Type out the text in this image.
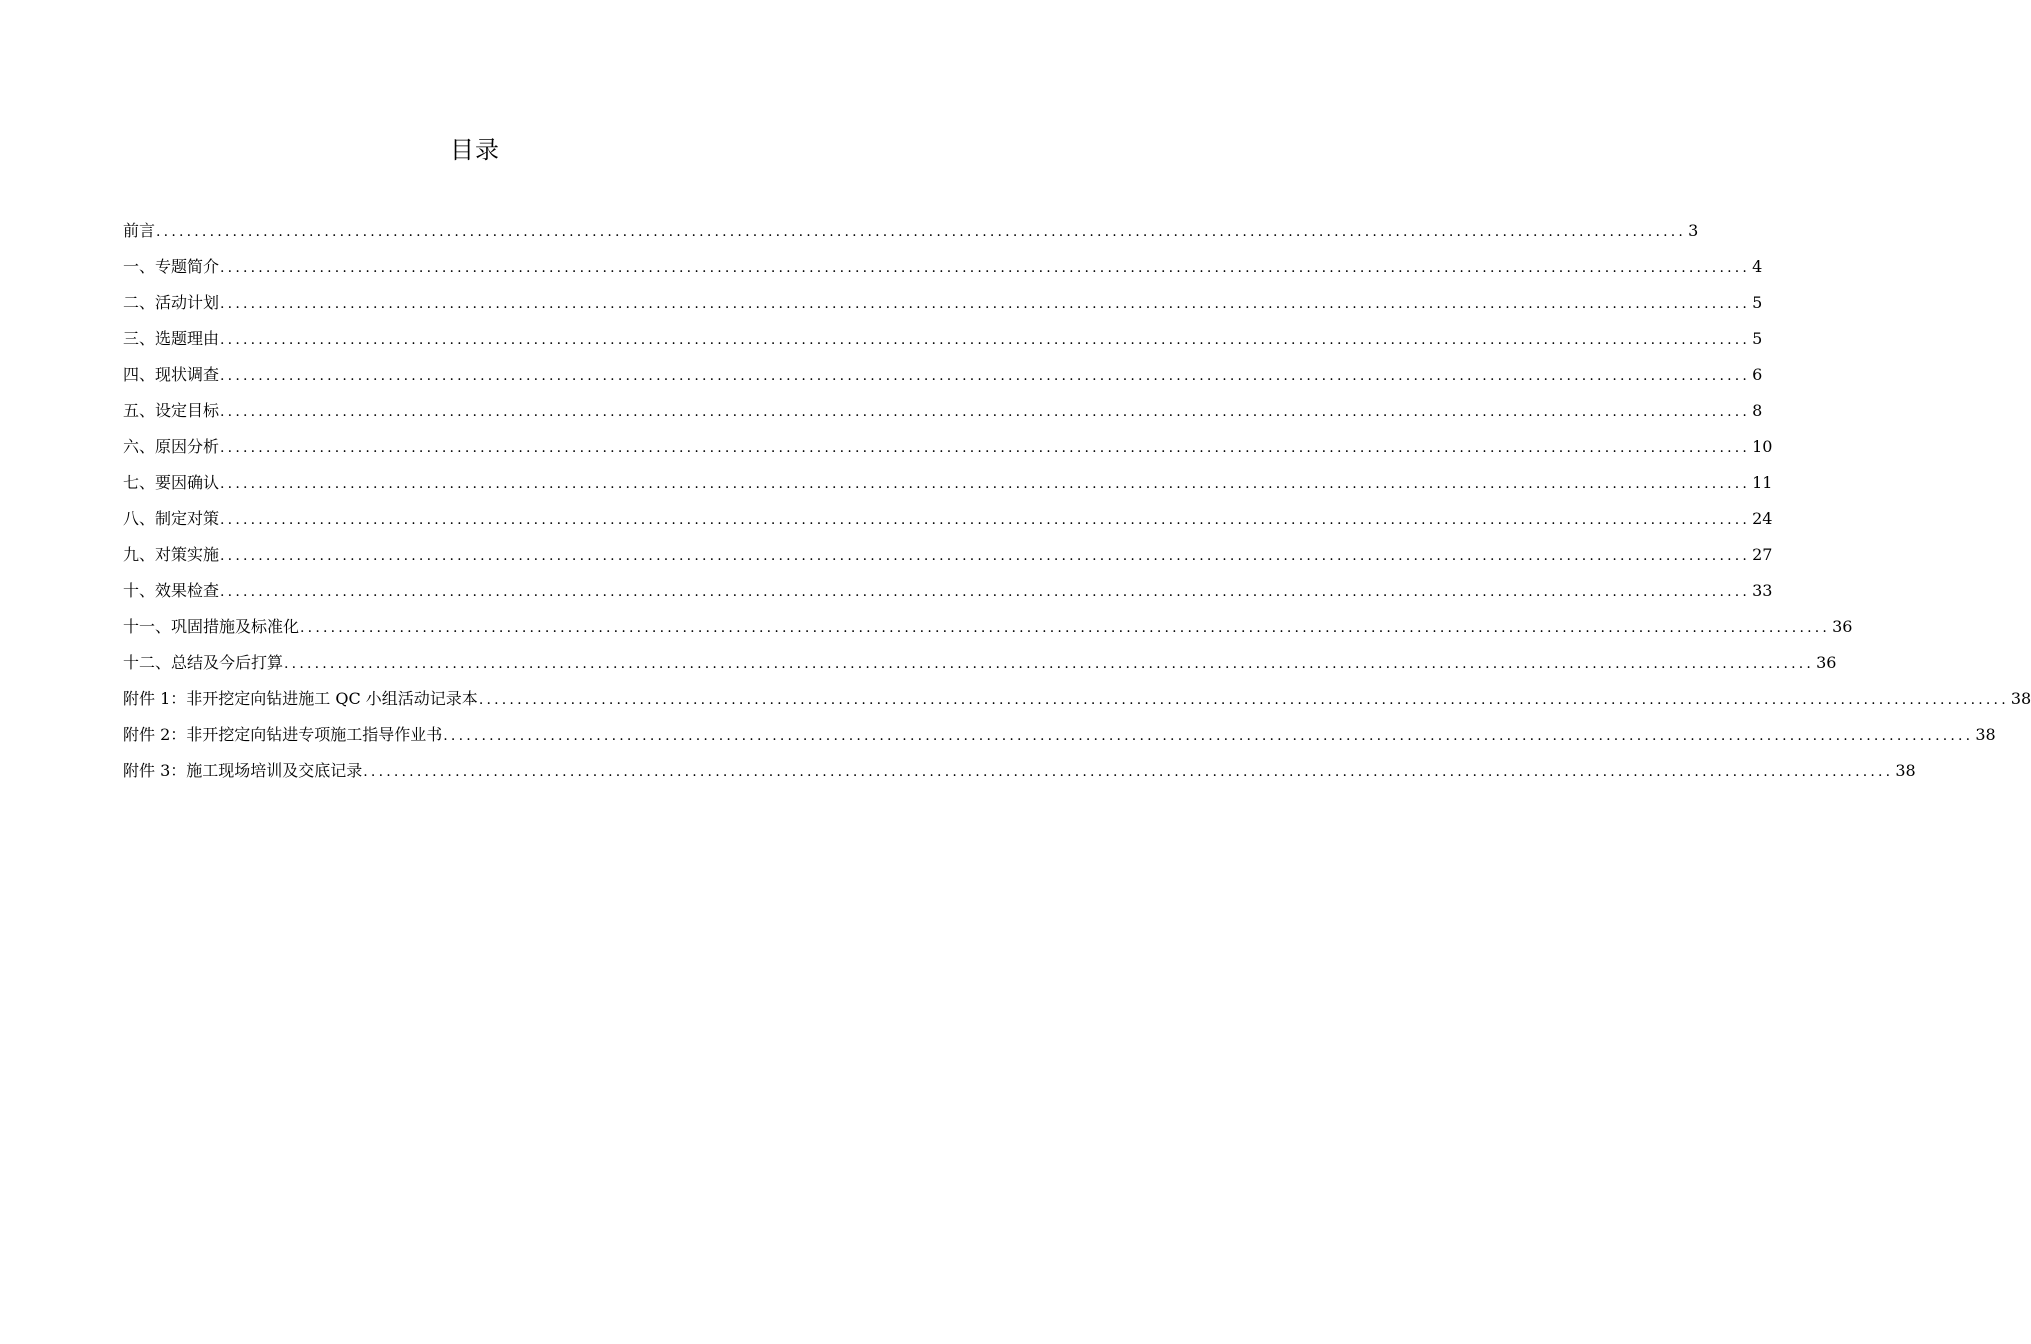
目录
前言 ........................................................................................................................................................................................................ 3
一、专题简介 ........................................................................................................................................................................................................ 4
二、活动计划 ........................................................................................................................................................................................................ 5
三、选题理由 ........................................................................................................................................................................................................ 5
四、现状调查 ........................................................................................................................................................................................................ 6
五、设定目标 ........................................................................................................................................................................................................ 8
六、原因分析 ........................................................................................................................................................................................................ 10
七、要因确认 ........................................................................................................................................................................................................ 11
八、制定对策 ........................................................................................................................................................................................................ 24
九、对策实施 ........................................................................................................................................................................................................ 27
十、效果检查 ........................................................................................................................................................................................................ 33
十一、巩固措施及标准化 ........................................................................................................................................................................................................ 36
十二、总结及今后打算 ........................................................................................................................................................................................................ 36
附件 1：非开挖定向钻进施工 QC 小组活动记录本 ........................................................................................................................................................................................................ 38
附件 2：非开挖定向钻进专项施工指导作业书 ........................................................................................................................................................................................................ 38
附件 3：施工现场培训及交底记录 ........................................................................................................................................................................................................ 38
